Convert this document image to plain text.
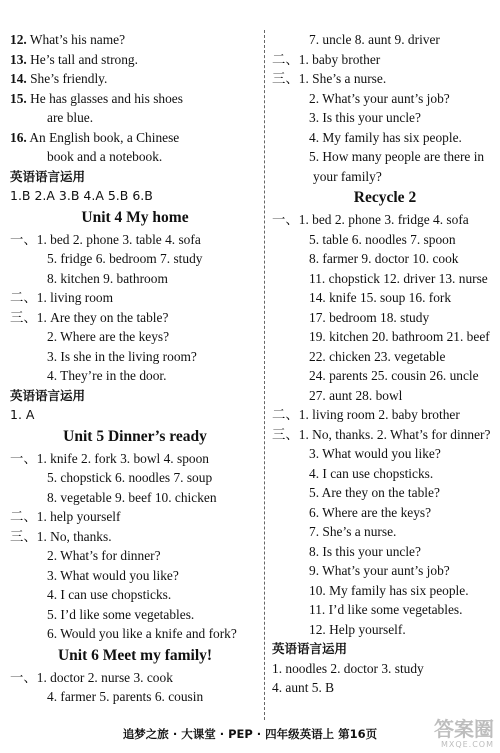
12. What’s his name?
13. He’s tall and strong.
14. She’s friendly.
15. He has glasses and his shoes
are blue.
16. An English book, a Chinese
book and a notebook.
英语语言运用
1.B 2.A 3.B 4.A 5.B 6.B
Unit 4 My home
一、1. bed 2. phone 3. table 4. sofa
5. fridge 6. bedroom 7. study
8. kitchen 9. bathroom
二、1. living room
三、1. Are they on the table?
2. Where are the keys?
3. Is she in the living room?
4. They’re in the door.
英语语言运用
1. A
Unit 5 Dinner’s ready
一、1. knife 2. fork 3. bowl 4. spoon
5. chopstick 6. noodles 7. soup
8. vegetable 9. beef 10. chicken
二、1. help yourself
三、1. No, thanks.
2. What’s for dinner?
3. What would you like?
4. I can use chopsticks.
5. I’d like some vegetables.
6. Would you like a knife and fork?
Unit 6 Meet my family!
一、1. doctor 2. nurse 3. cook
4. farmer 5. parents 6. cousin
7. uncle 8. aunt 9. driver
二、1. baby brother
三、1. She’s a nurse.
2. What’s your aunt’s job?
3. Is this your uncle?
4. My family has six people.
5. How many people are there in
your family?
Recycle 2
一、1. bed 2. phone 3. fridge 4. sofa
5. table 6. noodles 7. spoon
8. farmer 9. doctor 10. cook
11. chopstick 12. driver 13. nurse
14. knife 15. soup 16. fork
17. bedroom 18. study
19. kitchen 20. bathroom 21. beef
22. chicken 23. vegetable
24. parents 25. cousin 26. uncle
27. aunt 28. bowl
二、1. living room 2. baby brother
三、1. No, thanks. 2. What’s for dinner?
3. What would you like?
4. I can use chopsticks.
5. Are they on the table?
6. Where are the keys?
7. She’s a nurse.
8. Is this your uncle?
9. What’s your aunt’s job?
10. My family has six people.
11. I’d like some vegetables.
12. Help yourself.
英语语言运用
1. noodles 2. doctor 3. study
4. aunt 5. B
追梦之旅 · 大课堂 · PEP · 四年级英语上 第16页	答案圈
MXQE.COM
